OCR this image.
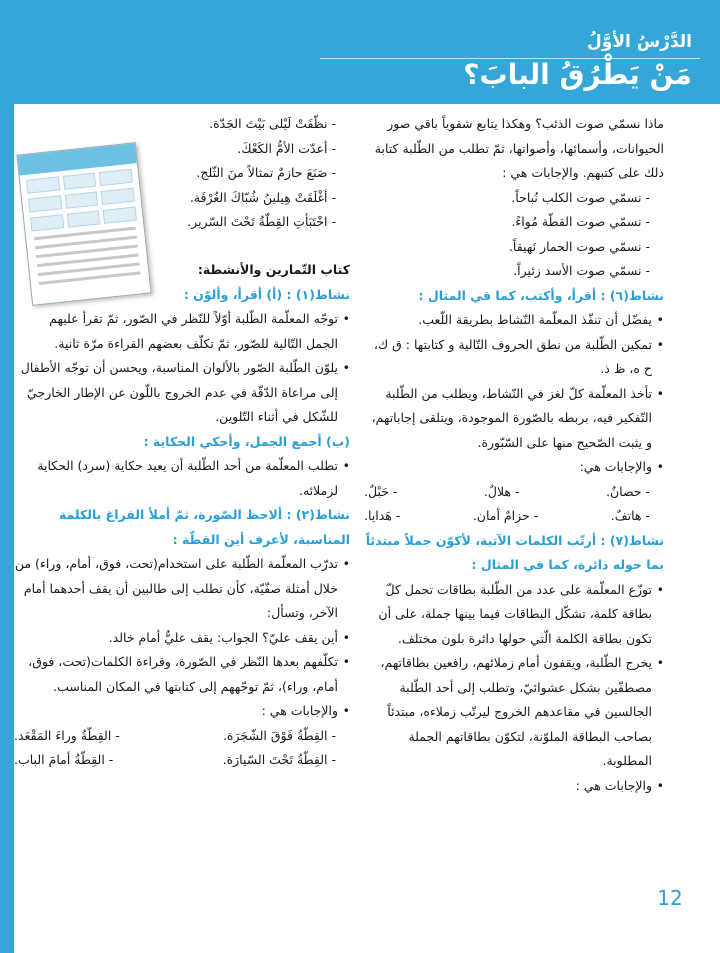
الدَّرْسُ الأوَّلُ
مَنْ يَطْرُقُ البابَ؟

ماذا نسمّي صوت الذئب؟ وهكذا يتابع شفوياً باقي صور الحيوانات، وأسمائها، وأصواتها، ثمّ تطلب من الطّلبة كتابة ذلك على كتبهم. والإجابات هي :

- نسمّي صوت الكلب نُباحاً.

- نسمّي صوت القطّة مُواءً.

- نسمّي صوت الحمار نَهيقاً.

- نسمّي صوت الأسد زئيراً.

نشاط(٦) : أقرأ، وأكتب، كما في المثال :

• يفضّل أن تنفّذ المعلّمة النّشاط بطريقة اللّعب.

• تمكين الطّلبة من نطق الحروف التّالية و كتابتها : ق ك، ح ه، ظ ذ.

• تأخذ المعلّمة كلّ لغز في النّشاط، ويطلب من الطّلبة التّفكير فيه، بربطه بالصّورة الموجودة، ويتلقى إجاباتهم، و يثبت الصّحيح منها على السّبّورة.

• والإجابات هي:

- حصانٌ.
- هلالٌ.
- حَبْلٌ.
- هاتفٌ.
- حزامٌ أمان.
- هَدايا.

نشاط(٧) : أرتّب الكلمات الآتية، لأكوّن جملاً مبتدئاً بما حوله دائرة، كما في المثال :

• توزّع المعلّمة على عدد من الطّلبة بطاقات تحمل كلّ بطاقة كلمة، تشكّل البطاقات فيما بينها جملة، على أن تكون بطاقة الكلمة الّتي حولها دائرة بلون مختلف.

• يخرج الطّلبة، ويقفون أمام زملائهم، رافعين بطاقاتهم، مصطفّين بشكل عشوائيّ، وتطلب إلى أحد الطّلبة الجالسين في مقاعدهم الخروج ليرتّب زملاءه، مبتدئاً بصاحب البطاقة الملوّنة، لتكوّن بطاقاتهم الجملة المطلوبة.

• والإجابات هي :

- نظّفَتْ لَيْلى بَيْتَ الجَدّة.

- أعدّت الأمُّ الكَعْكَ.

- صَنَعَ حازمٌ تمثالاً منَ الثّلج.

- أغْلَقَتْ هِيلينُ شُبّاكَ الغُرْفَة.

- اخْتَبَأتِ القِطّةُ تَحْتَ السّرير.

كتاب التّمارين والأنشطة:

نشاط(١) : (أ) أقرأ، وألوّن :

• توجّه المعلّمة الطّلبة أوّلاً للنّظر في الصّور، ثمّ تقرأ عليهم الجمل التّالية للصّور، ثمّ تكلّف بعضهم القراءة مرّة ثانية.

• يلوّن الطّلبة الصّور بالألوان المناسبة، ويحسن أن توجّه الأطفال إلى مراعاة الدّقّة في عدم الخروج باللّون عن الإطار الخارجيّ للشّكل في أثناء التّلوين.

(ب) أجمع الجمل، وأحكي الحكاية :

• تطلب المعلّمة من أحد الطّلبة أن يعيد حكاية (سرد) الحكاية لزملائه.

نشاط(٢) : ألاحظ الصّورة، ثمّ أملأ الفراغ بالكلمة المناسبة، لأعرف أين القطّة :

• تدرّب المعلّمة الطّلبة على استخدام(تحت، فوق، أمام، وراء) من خلال أمثلة صفّيّة، كأن تطلب إلى طالبين أن يقف أحدهما أمام الآخر، وتسأل:

• أين يقف عليّ؟ الجواب: يقف عليٌّ أمام خالد.

• تكلّفهم بعدها النّظر في الصّورة، وقراءة الكلمات(تحت، فوق، أمام، وراء)، ثمّ توجّههم إلى كتابتها في المكان المناسب.

• والإجابات هي :

- القِطّةُ فَوْقَ الشّجَرَة.
- القِطّةُ وراءَ المَقْعَد.
- القِطّةُ تَحْتَ السّيارَة.
- القِطّةُ أمامَ الباب.
12
